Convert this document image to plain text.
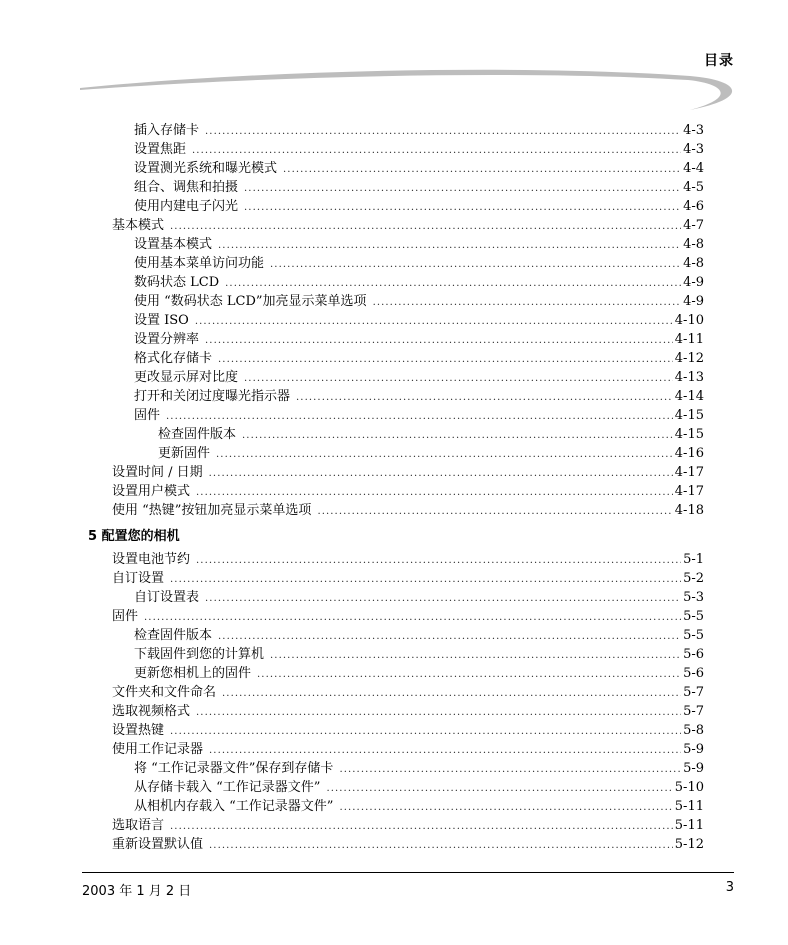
目录
插入存储卡 .....	4-3
设置焦距 .....	4-3
设置测光系统和曝光模式 .....	4-4
组合、调焦和拍摄 .....	4-5
使用内建电子闪光 .....	4-6
基本模式 .....	4-7
设置基本模式 .....	4-8
使用基本菜单访问功能 .....	4-8
数码状态 LCD .....	4-9
使用 “数码状态 LCD”加亮显示菜单选项 .....	4-9
设置 ISO .....	4-10
设置分辨率 .....	4-11
格式化存储卡 .....	4-12
更改显示屏对比度 .....	4-13
打开和关闭过度曝光指示器 .....	4-14
固件 .....	4-15
检查固件版本 .....	4-15
更新固件 .....	4-16
设置时间 / 日期 .....	4-17
设置用户模式 .....	4-17
使用 “热键”按钮加亮显示菜单选项 .....	4-18
5 配置您的相机
设置电池节约 .....	5-1
自订设置 .....	5-2
自订设置表 .....	5-3
固件 .....	5-5
检查固件版本 .....	5-5
下载固件到您的计算机 .....	5-6
更新您相机上的固件 .....	5-6
文件夹和文件命名 .....	5-7
选取视频格式 .....	5-7
设置热键 .....	5-8
使用工作记录器 .....	5-9
将 “工作记录器文件”保存到存储卡 .....	5-9
从存储卡载入 “工作记录器文件” .....	5-10
从相机内存载入 “工作记录器文件” .....	5-11
选取语言 .....	5-11
重新设置默认值 .....	5-12
2003 年 1 月 2 日	3
